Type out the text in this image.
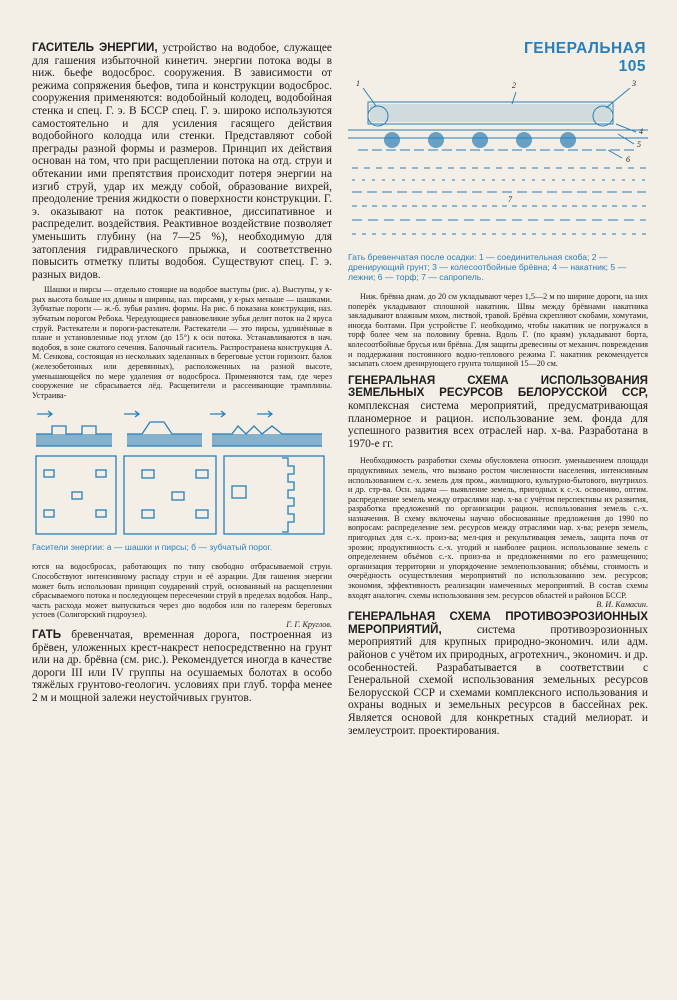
ГЕНЕРАЛЬНАЯ 105

ГАСИТЕЛЬ ЭНЕРГИИ, устройство на водобое, служащее для гашения избыточной кинетич. энергии потока воды в ниж. бьефе водосброс. сооружения. В зависимости от режима сопряжения бьефов, типа и конструкции водосброс. сооружения применяются: водобойный колодец, водобойная стенка и спец. Г. э. В БССР спец. Г. э. широко используются самостоятельно и для усиления гасящего действия водобойного колодца или стенки. Представляют собой преграды разной формы и размеров. Принцип их действия основан на том, что при расщеплении потока на отд. струи и обтекании ими препятствия происходит потеря энергии на изгиб струй, удар их между собой, образование вихрей, преодоление трения жидкости о поверхности конструкции. Г. э. оказывают на поток реактивное, диссипативное и распределит. воздействия. Реактивное воздействие позволяет уменьшить глубину (на 7—25 %), необходимую для затопления гидравлического прыжка, и соответственно повысить отметку плиты водобоя. Существуют спец. Г. э. разных видов.

Шашки и пирсы — отдельно стоящие на водобое выступы (рис. а). Выступы, у к-рых высота больше их длины и ширины, наз. пирсами, у к-рых меньше — шашками. Зубчатые пороги — ж.-б. зубья различ. формы. На рис. б показана конструкция, наз. зубчатым порогом Ребокa. Чередующиеся равновеликие зубья делит поток на 2 яруса струй. Растекатели и пороги-растекатели. Растекатели — это пирсы, удлинённые в плане и установленные под углом (до 15°) к оси потока. Устанавливаются в нач. водобоя, в зоне сжатого сечения. Балочный гаситель. Распространена конструкция А. М. Сенкова, состоящая из нескольких заделанных в береговые устои горизонт. балок (железобетонных или деревянных), расположенных на разной высоте, уменьшающейся по мере удаления от водосброса. Применяются там, где через сооружение не сбрасывается лёд. Расщепители и рассеивающие трамплины. Устраива-

Гасители энергии: а — шашки и пирсы; б — зубчатый порог.

ются на водосбросах, работающих по типу свободно отбрасываемой струи. Способствуют интенсивному распаду струи и её аэрации. Для гашения энергии может быть использован принцип соударений струй, основанный на расщеплении сбрасываемого потока и последующем пересечении струй в пределах водобоя. Напр., часть расхода может выпускаться через дно водобоя или по галереям береговых устоев (Солигорский гидроузел).

Г. Г. Круглов.

ГАТЬ бревенчатая, временная дорога, построенная из брёвен, уложенных крест-накрест непосредственно на грунт или на др. брёвна (см. рис.). Рекомендуется иногда в качестве дороги III или IV группы на осушаемых болотах в особо тяжёлых грунтово-геологич. условиях при глуб. торфа менее 2 м и мощной залежи неустойчивых грунтов.

1	2	3
4
5
6
7

Гать бревенчатая после осадки: 1 — соединительная скоба; 2 — дренирующий грунт; 3 — колесоотбойные брёвна; 4 — накатник; 5 — лежни; 6 — торф; 7 — сапропель.

Ниж. брёвна диам. до 20 см укладывают через 1,5—2 м по ширине дороги, на них поперёк укладывают сплошной накатник. Швы между брёвнами накатника закладывают влажным мхом, листвой, травой. Брёвна скрепляют скобами, хомутами, иногда болтами. При устройстве Г. необходимо, чтобы накатник не погружался в торф более чем на половину бревна. Вдоль Г. (по краям) укладывают борта, колесоотбойные брусья или брёвна. Для защиты древесины от механич. повреждения и поддержания постоянного водно-теплового режима Г. накатник рекомендуется засыпать слоем дренирующего грунта толщиной 15—20 см.

ГЕНЕРАЛЬНАЯ СХЕМА ИСПОЛЬЗОВАНИЯ ЗЕМЕЛЬНЫХ РЕСУРСОВ БЕЛОРУССКОЙ ССР, комплексная система мероприятий, предусматривающая планомерное и рацион. использование зем. фонда для успешного развития всех отраслей нар. х-ва. Разработана в 1970-е гг.

Необходимость разработки схемы обусловлена относит. уменьшением площади продуктивных земель, что вызвано ростом численности населения, интенсивным использованием с.-х. земель для пром., жилищного, культурно-бытового, внутрихоз. и др. стр-ва. Осн. задача — выявление земель, пригодных к с.-х. освоению, оптим. распределение земель между отраслями нар. х-ва с учётом перспективы их развития, разработка предложений по организации рацион. использования земель с.-х. назначения. В схему включены научно обоснованные предложения до 1990 по вопросам: распределение зем. ресурсов между отраслями нар. х-ва; резерв земель, пригодных для с.-х. произ-ва; мел-ция и рекультивация земель, защита почв от эрозии; продуктивность с.-х. угодий и наиболее рацион. использование земель с определением объёмов с.-х. произ-ва и предложениями по его размещению; организация территории и упорядочение землепользования; объёмы, стоимость и очерёдность осуществления мероприятий по использованию зем. ресурсов; экономия, эффективность реализации намеченных мероприятий. В состав схемы входят аналогич. схемы использования зем. ресурсов областей и районов БССР.

В. И. Камасин.

ГЕНЕРАЛЬНАЯ СХЕМА ПРОТИВОЭРОЗИОННЫХ МЕРОПРИЯТИЙ,	система противоэрозионных мероприятий для крупных природно-экономич. или адм. районов с учётом их природных, агротехнич., экономич. и др. особенностей. Разрабатывается в соответствии с Генеральной схемой использования земельных ресурсов Белорусской ССР и схемами комплексного использования и охраны водных и земельных ресурсов в бассейнах рек. Является основой для конкретных стадий мелиорат. и землеустроит. проектирования.
